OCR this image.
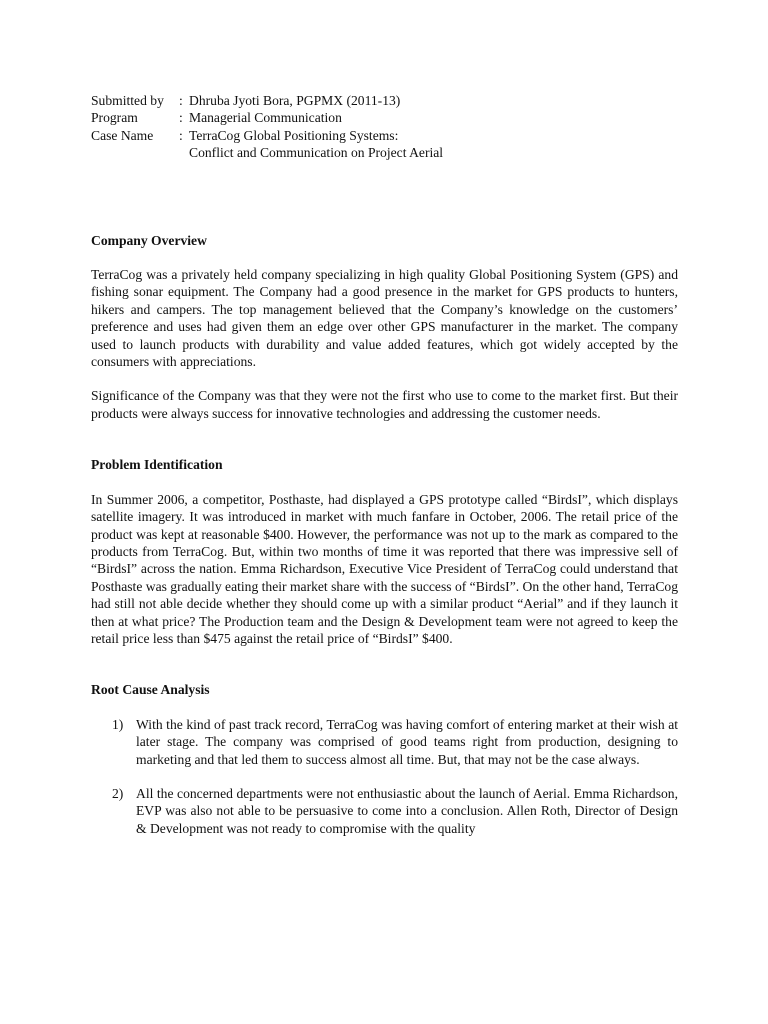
Submitted by	: Dhruba Jyoti Bora, PGPMX (2011-13)
Program	: Managerial Communication
Case Name	: TerraCog Global Positioning Systems:
Conflict and Communication on Project Aerial
Company Overview

TerraCog was a privately held company specializing in high quality Global Positioning System (GPS) and fishing sonar equipment. The Company had a good presence in the market for GPS products to hunters, hikers and campers. The top management believed that the Company’s knowledge on the customers’ preference and uses had given them an edge over other GPS manufacturer in the market. The company used to launch products with durability and value added features, which got widely accepted by the consumers with appreciations.

Significance of the Company was that they were not the first who use to come to the market first. But their products were always success for innovative technologies and addressing the customer needs.

Problem Identification

In Summer 2006, a competitor, Posthaste, had displayed a GPS prototype called “BirdsI”, which displays satellite imagery. It was introduced in market with much fanfare in October, 2006. The retail price of the product was kept at reasonable $400. However, the performance was not up to the mark as compared to the products from TerraCog. But, within two months of time it was reported that there was impressive sell of “BirdsI” across the nation. Emma Richardson, Executive Vice President of TerraCog could understand that Posthaste was gradually eating their market share with the success of “BirdsI”. On the other hand, TerraCog had still not able decide whether they should come up with a similar product “Aerial” and if they launch it then at what price? The Production team and the Design & Development team were not agreed to keep the retail price less than $475 against the retail price of “BirdsI” $400.

Root Cause Analysis
1) With the kind of past track record, TerraCog was having comfort of entering market at their wish at later stage. The company was comprised of good teams right from production, designing to marketing and that led them to success almost all time. But, that may not be the case always.
2) All the concerned departments were not enthusiastic about the launch of Aerial. Emma Richardson, EVP was also not able to be persuasive to come into a conclusion. Allen Roth, Director of Design & Development was not ready to compromise with the quality
